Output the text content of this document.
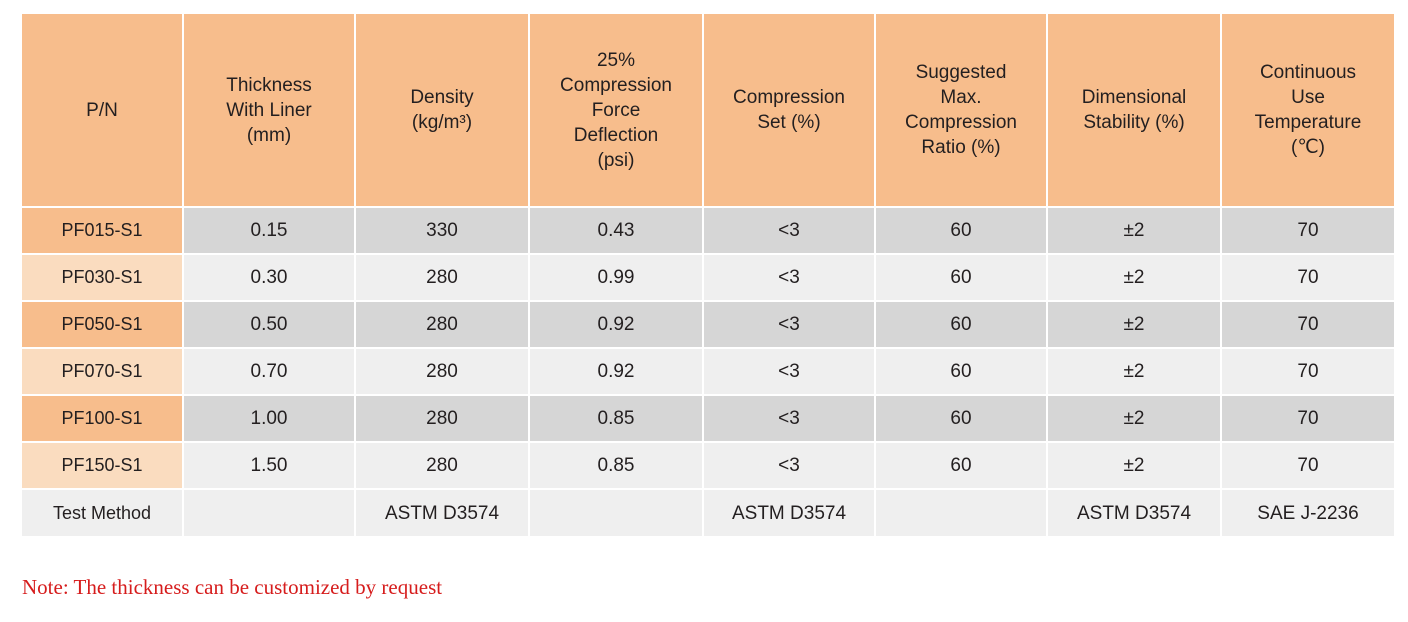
P/N	Thickness
With Liner
(mm)	Density
(kg/m³)	25%
Compression
Force
Deflection
(psi)	Compression
Set (%)	Suggested
Max.
Compression
Ratio (%)	Dimensional
Stability (%)	Continuous
Use
Temperature
(℃)

PF015-S1	0.15	330	0.43	<3	60	±2	70
PF030-S1	0.30	280	0.99	<3	60	±2	70
PF050-S1	0.50	280	0.92	<3	60	±2	70
PF070-S1	0.70	280	0.92	<3	60	±2	70
PF100-S1	1.00	280	0.85	<3	60	±2	70
PF150-S1	1.50	280	0.85	<3	60	±2	70
Test Method		ASTM D3574		ASTM D3574		ASTM D3574	SAE J-2236
Note: The thickness can be customized by request
